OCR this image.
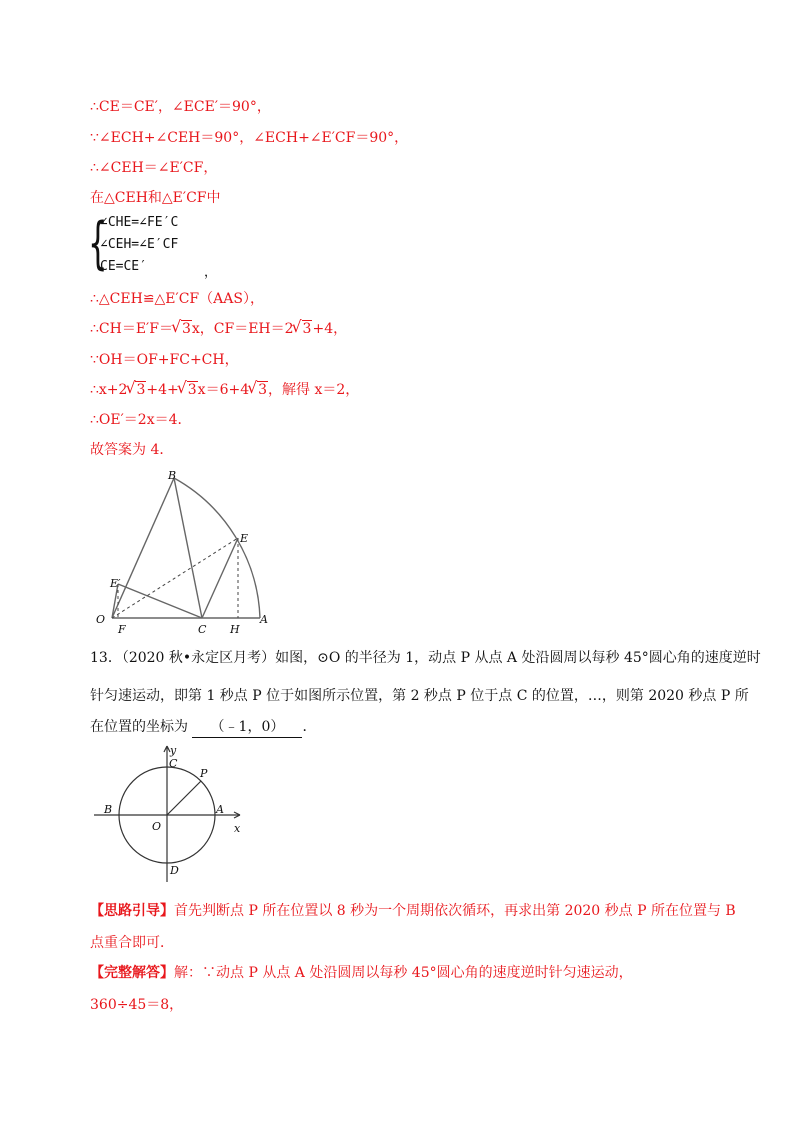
∴CE＝CE′，∠ECE′＝90°，
∵∠ECH+∠CEH＝90°，∠ECH+∠E′CF＝90°，
∴∠CEH＝∠E′CF，
在△CEH和△E′CF中
{
∠CHE=∠FE′C
∠CEH=∠E′CF
CE=CE′	，
∴△CEH≌△E′CF（AAS），
∴CH＝E′F＝ √ 3x，CF＝EH＝2 √ 3+4，
∵OH＝OF+FC+CH，
∴x+2 √ 3+4+ √ 3x＝6+4 √ 3，解得 x＝2，
∴OE′＝2x＝4．
故答案为 4．
B
E
E′
O
F	C H
A
13．（2020 秋•永定区月考）如图，⊙O 的半径为 1，动点 P 从点 A 处沿圆周以每秒 45°圆心角的速度逆时
针匀速运动，即第 1 秒点 P 位于如图所示位置，第 2 秒点 P 位于点 C 的位置，…，则第 2020 秒点 P 所
在位置的坐标为 （﹣1，0） ．
y
C
P
B	A
O	x
D
【思路引导】首先判断点 P 所在位置以 8 秒为一个周期依次循环，再求出第 2020 秒点 P 所在位置与 B
点重合即可．
【完整解答】解：∵动点 P 从点 A 处沿圆周以每秒 45°圆心角的速度逆时针匀速运动，
360÷45＝8，
